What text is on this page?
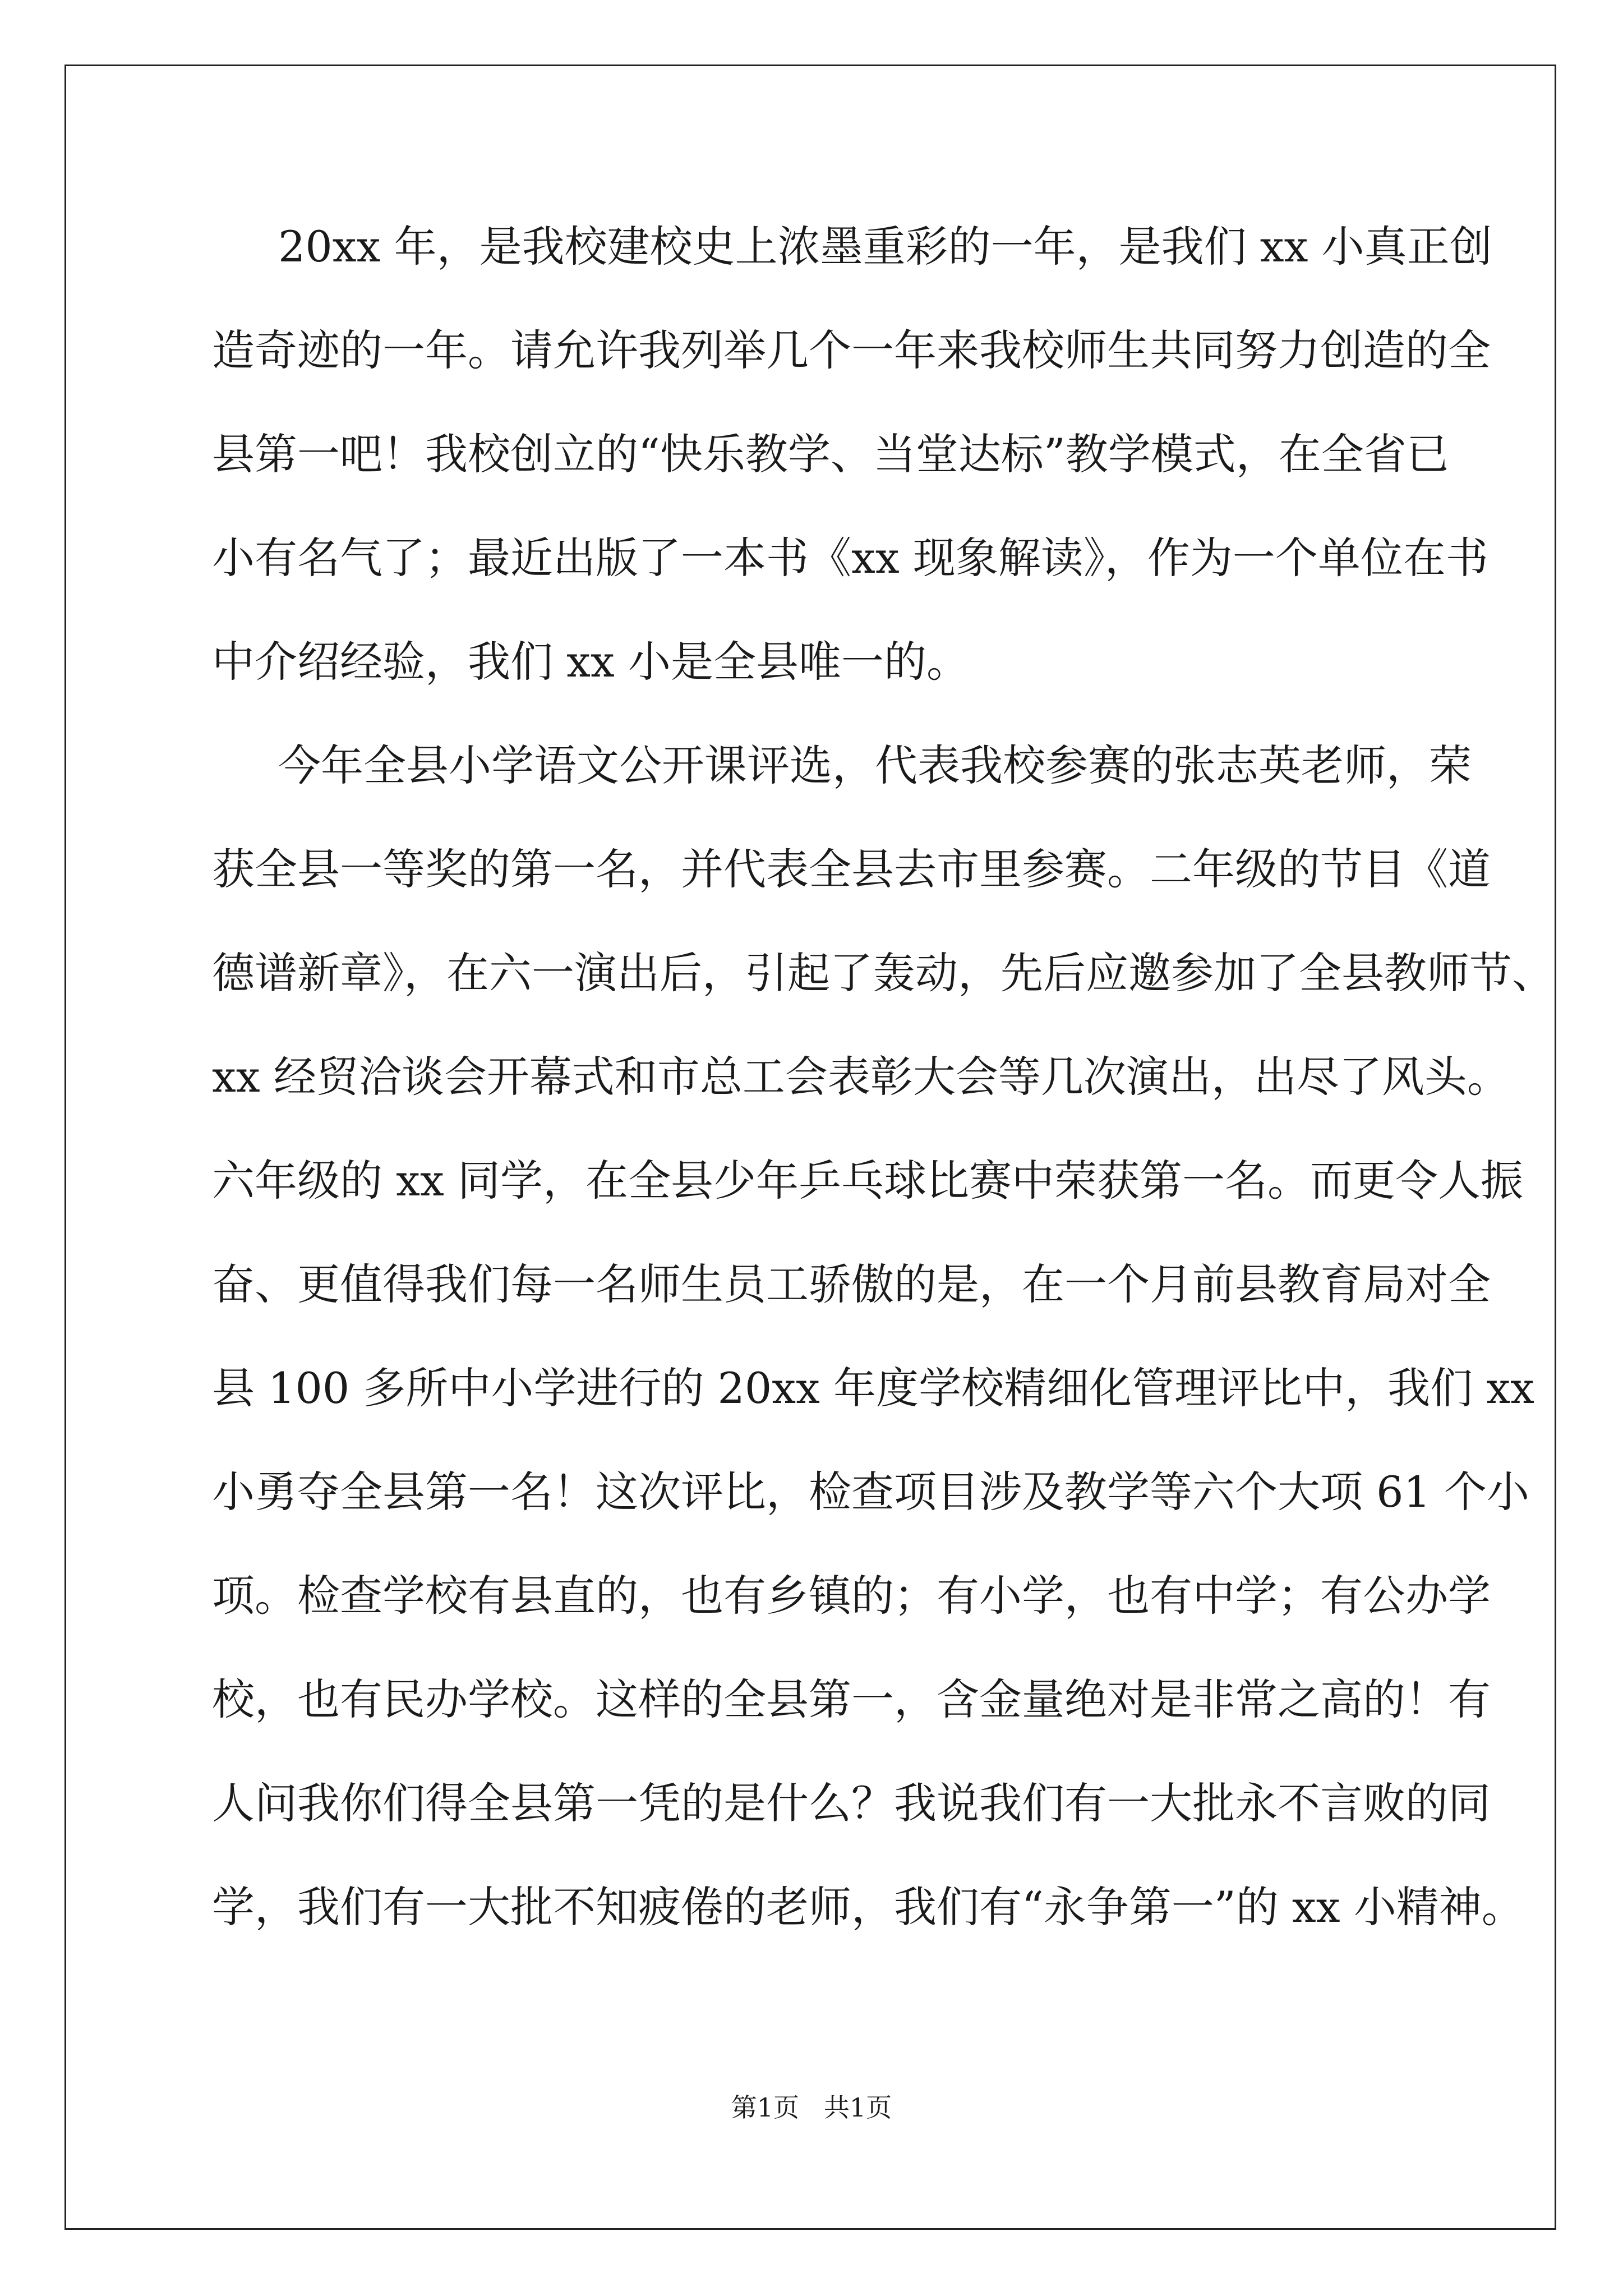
20xx 年，是我校建校史上浓墨重彩的一年，是我们 xx 小真正创
造奇迹的一年。请允许我列举几个一年来我校师生共同努力创造的全
县第一吧！我校创立的“快乐教学、当堂达标”教学模式，在全省已
小有名气了；最近出版了一本书《xx 现象解读》，作为一个单位在书
中介绍经验，我们 xx 小是全县唯一的。
今年全县小学语文公开课评选，代表我校参赛的张志英老师，荣
获全县一等奖的第一名，并代表全县去市里参赛。二年级的节目《道
德谱新章》，在六一演出后，引起了轰动，先后应邀参加了全县教师节、
xx 经贸洽谈会开幕式和市总工会表彰大会等几次演出，出尽了风头。
六年级的 xx 同学，在全县少年乒乓球比赛中荣获第一名。而更令人振
奋、更值得我们每一名师生员工骄傲的是，在一个月前县教育局对全
县 100 多所中小学进行的 20xx 年度学校精细化管理评比中，我们 xx
小勇夺全县第一名！这次评比，检查项目涉及教学等六个大项 61 个小
项。检查学校有县直的，也有乡镇的；有小学，也有中学；有公办学
校，也有民办学校。这样的全县第一，含金量绝对是非常之高的！有
人问我你们得全县第一凭的是什么？我说我们有一大批永不言败的同
学，我们有一大批不知疲倦的老师，我们有“永争第一”的 xx 小精神。
第1页   共1页
